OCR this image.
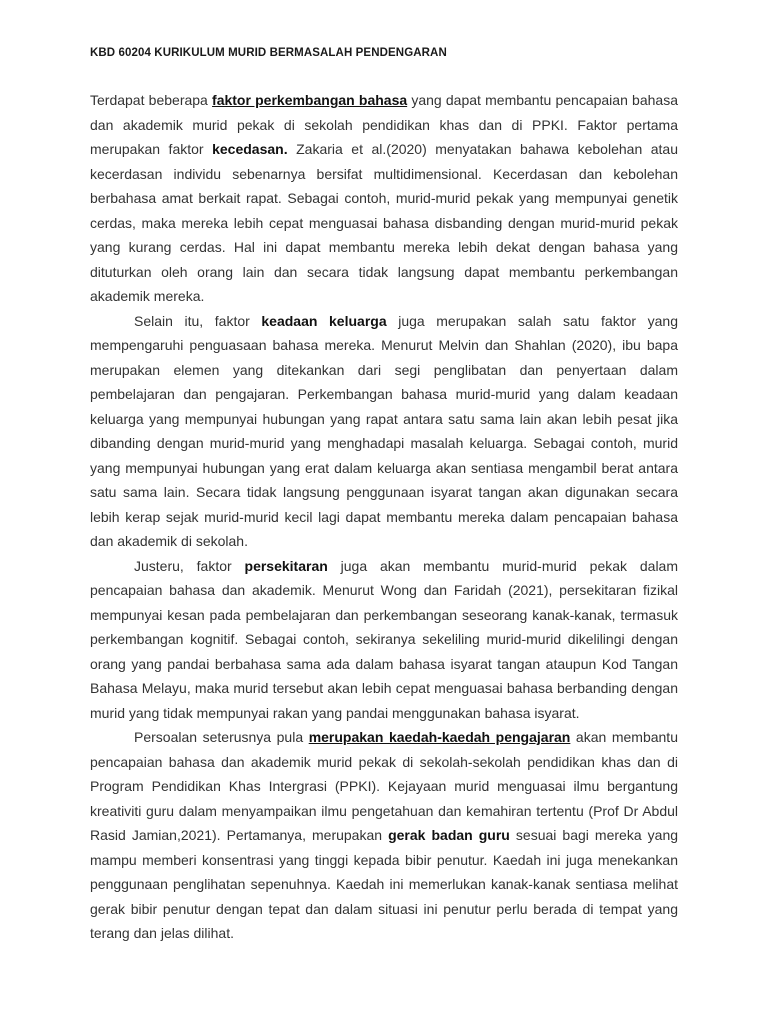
KBD 60204 KURIKULUM MURID BERMASALAH PENDENGARAN

Terdapat beberapa faktor perkembangan bahasa yang dapat membantu pencapaian bahasa dan akademik murid pekak di sekolah pendidikan khas dan di PPKI. Faktor pertama merupakan faktor kecedasan. Zakaria et al.(2020) menyatakan bahawa kebolehan atau kecerdasan individu sebenarnya bersifat multidimensional. Kecerdasan dan kebolehan berbahasa amat berkait rapat. Sebagai contoh, murid-murid pekak yang mempunyai genetik cerdas, maka mereka lebih cepat menguasai bahasa disbanding dengan murid-murid pekak yang kurang cerdas. Hal ini dapat membantu mereka lebih dekat dengan bahasa yang dituturkan oleh orang lain dan secara tidak langsung dapat membantu perkembangan akademik mereka.

Selain itu, faktor keadaan keluarga juga merupakan salah satu faktor yang mempengaruhi penguasaan bahasa mereka. Menurut Melvin dan Shahlan (2020), ibu bapa merupakan elemen yang ditekankan dari segi penglibatan dan penyertaan dalam pembelajaran dan pengajaran. Perkembangan bahasa murid-murid yang dalam keadaan keluarga yang mempunyai hubungan yang rapat antara satu sama lain akan lebih pesat jika dibanding dengan murid-murid yang menghadapi masalah keluarga. Sebagai contoh, murid yang mempunyai hubungan yang erat dalam keluarga akan sentiasa mengambil berat antara satu sama lain. Secara tidak langsung penggunaan isyarat tangan akan digunakan secara lebih kerap sejak murid-murid kecil lagi dapat membantu mereka dalam pencapaian bahasa dan akademik di sekolah.

Justeru, faktor persekitaran juga akan membantu murid-murid pekak dalam pencapaian bahasa dan akademik. Menurut Wong dan Faridah (2021), persekitaran fizikal mempunyai kesan pada pembelajaran dan perkembangan seseorang kanak-kanak, termasuk perkembangan kognitif. Sebagai contoh, sekiranya sekeliling murid-murid dikelilingi dengan orang yang pandai berbahasa sama ada dalam bahasa isyarat tangan ataupun Kod Tangan Bahasa Melayu, maka murid tersebut akan lebih cepat menguasai bahasa berbanding dengan murid yang tidak mempunyai rakan yang pandai menggunakan bahasa isyarat.

Persoalan seterusnya pula merupakan kaedah-kaedah pengajaran akan membantu pencapaian bahasa dan akademik murid pekak di sekolah-sekolah pendidikan khas dan di Program Pendidikan Khas Intergrasi (PPKI). Kejayaan murid menguasai ilmu bergantung kreativiti guru dalam menyampaikan ilmu pengetahuan dan kemahiran tertentu (Prof Dr Abdul Rasid Jamian,2021). Pertamanya, merupakan gerak badan guru sesuai bagi mereka yang mampu memberi konsentrasi yang tinggi kepada bibir penutur. Kaedah ini juga menekankan penggunaan penglihatan sepenuhnya. Kaedah ini memerlukan kanak-kanak sentiasa melihat gerak bibir penutur dengan tepat dan dalam situasi ini penutur perlu berada di tempat yang terang dan jelas dilihat.
